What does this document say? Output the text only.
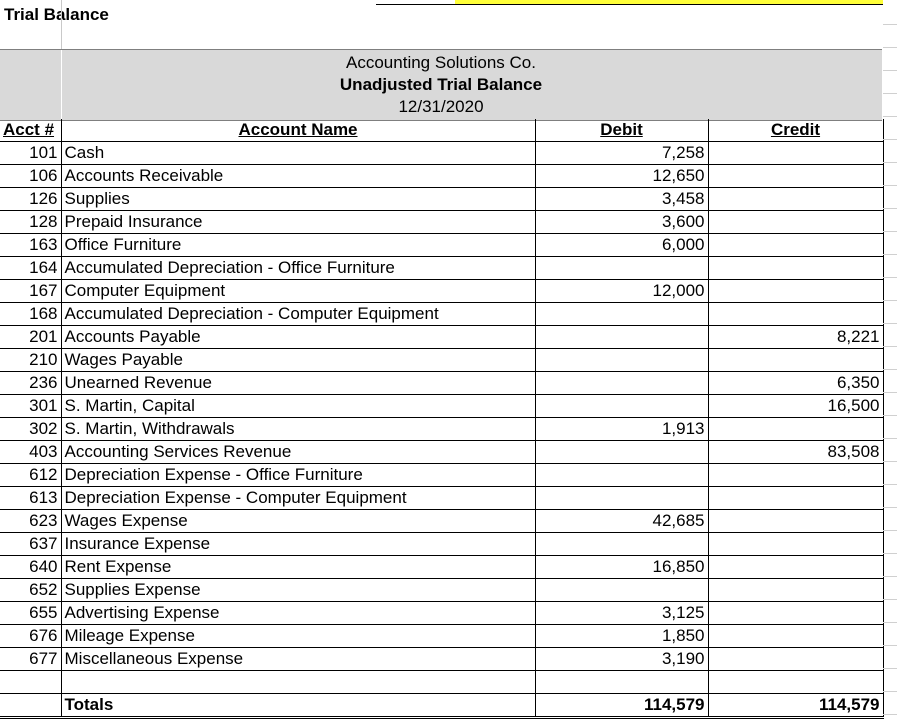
Trial Balance
Accounting Solutions Co.
Unadjusted Trial Balance
12/31/2020
Acct #	Account Name	Debit	Credit
101	Cash	7,258	
106	Accounts Receivable	12,650	
126	Supplies	3,458	
128	Prepaid Insurance	3,600	
163	Office Furniture	6,000	
164	Accumulated Depreciation - Office Furniture		
167	Computer Equipment	12,000	
168	Accumulated Depreciation - Computer Equipment		
201	Accounts Payable		8,221
210	Wages Payable		
236	Unearned Revenue		6,350
301	S. Martin, Capital		16,500
302	S. Martin, Withdrawals	1,913	
403	Accounting Services Revenue		83,508
612	Depreciation Expense - Office Furniture		
613	Depreciation Expense - Computer Equipment		
623	Wages Expense	42,685	
637	Insurance Expense		
640	Rent Expense	16,850	
652	Supplies Expense		
655	Advertising Expense	3,125	
676	Mileage Expense	1,850	
677	Miscellaneous Expense	3,190	

	Totals	114,579	114,579
